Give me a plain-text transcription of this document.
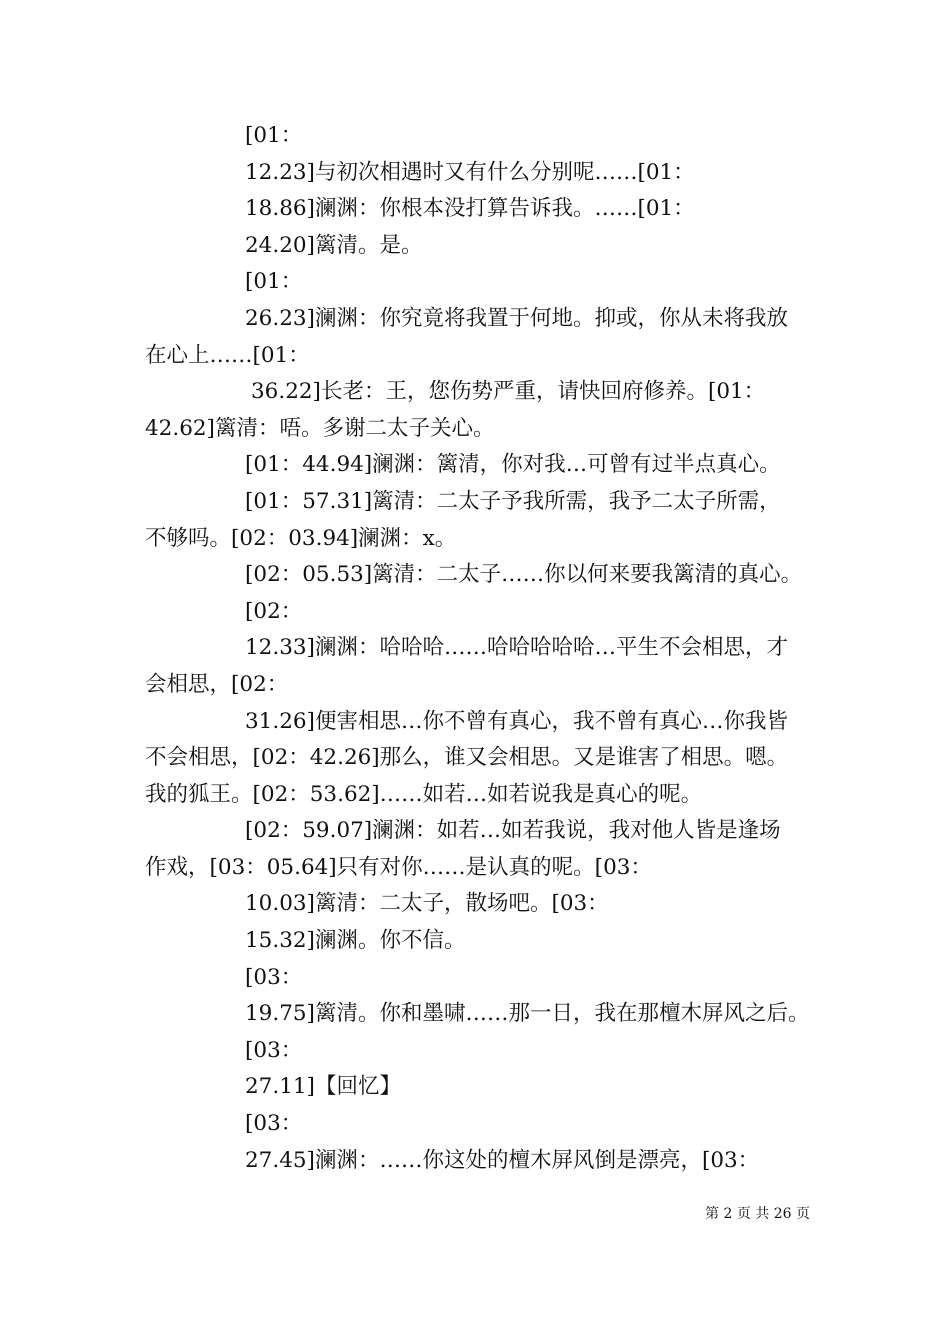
[01：
12.23]与初次相遇时又有什么分别呢……[01：
18.86]澜渊：你根本没打算告诉我。……[01：
24.20]篱清。是。
[01：
26.23]澜渊：你究竟将我置于何地。抑或，你从未将我放
在心上……[01：
36.22]长老：王，您伤势严重，请快回府修养。[01：
42.62]篱清：唔。多谢二太子关心。
[01：44.94]澜渊：篱清，你对我…可曾有过半点真心。
[01：57.31]篱清：二太子予我所需，我予二太子所需，
不够吗。[02：03.94]澜渊：x。
[02：05.53]篱清：二太子……你以何来要我篱清的真心。
[02：
12.33]澜渊：哈哈哈……哈哈哈哈哈…平生不会相思，才
会相思，[02：
31.26]便害相思…你不曾有真心，我不曾有真心…你我皆
不会相思，[02：42.26]那么，谁又会相思。又是谁害了相思。嗯。
我的狐王。[02：53.62]……如若…如若说我是真心的呢。
[02：59.07]澜渊：如若…如若我说，我对他人皆是逢场
作戏，[03：05.64]只有对你……是认真的呢。[03：
10.03]篱清：二太子，散场吧。[03：
15.32]澜渊。你不信。
[03：
19.75]篱清。你和墨啸……那一日，我在那檀木屏风之后。
[03：
27.11]【回忆】
[03：
27.45]澜渊：……你这处的檀木屏风倒是漂亮，[03：
第 2 页 共 26 页
